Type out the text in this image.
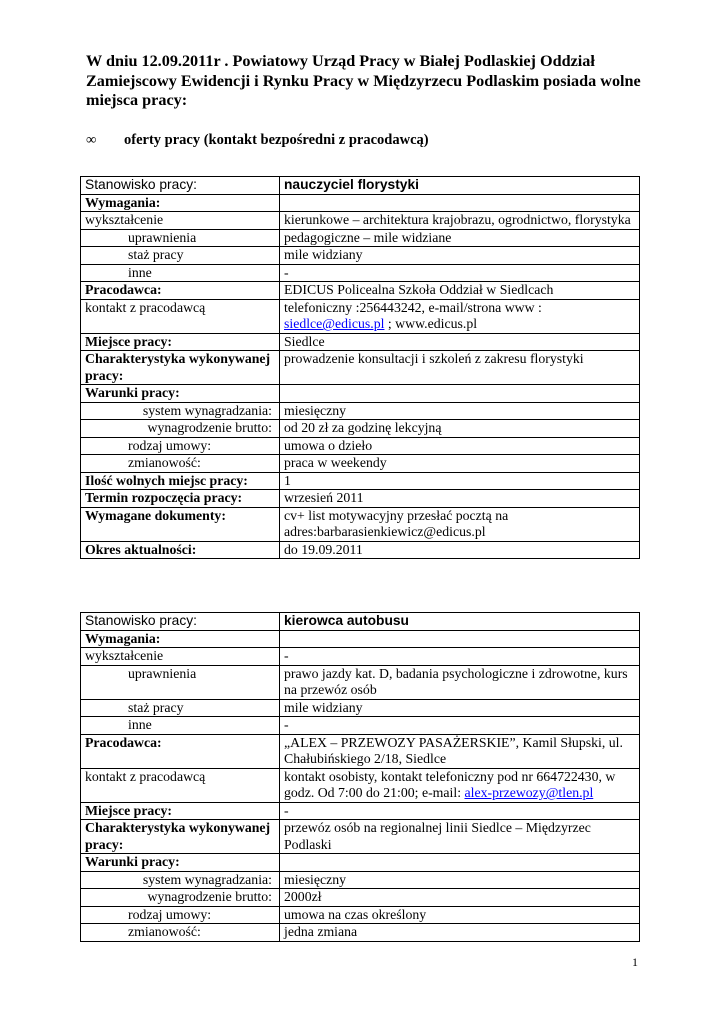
W dniu 12.09.2011r . Powiatowy Urząd Pracy w Białej Podlaskiej Oddział Zamiejscowy Ewidencji i Rynku Pracy w Międzyrzecu Podlaskim posiada wolne miejsca pracy:
∞ oferty pracy (kontakt bezpośredni z pracodawcą)
Stanowisko pracy:	nauczyciel florystyki
Wymagania:	
wykształcenie	kierunkowe – architektura krajobrazu, ogrodnictwo, florystyka
uprawnienia	pedagogiczne – mile widziane
staż pracy	mile widziany
inne	-
Pracodawca:	EDICUS Policealna Szkoła Oddział w Siedlcach
kontakt z pracodawcą	telefoniczny :256443242, e-mail/strona www :
siedlce@edicus.pl ; www.edicus.pl
Miejsce pracy:	Siedlce
Charakterystyka wykonywanej pracy:	prowadzenie konsultacji i szkoleń z zakresu florystyki
Warunki pracy:	
system wynagradzania:	miesięczny
wynagrodzenie brutto:	od 20 zł za godzinę lekcyjną
rodzaj umowy:	umowa o dzieło
zmianowość:	praca w weekendy
Ilość wolnych miejsc pracy:	1
Termin rozpoczęcia pracy:	wrzesień 2011
Wymagane dokumenty:	cv+ list motywacyjny przesłać pocztą na adres:barbarasienkiewicz@edicus.pl
Okres aktualności:	do 19.09.2011
Stanowisko pracy:	kierowca autobusu
Wymagania:	
wykształcenie	-
uprawnienia	prawo jazdy kat. D, badania psychologiczne i zdrowotne, kurs na przewóz osób
staż pracy	mile widziany
inne	-
Pracodawca:	„ALEX – PRZEWOZY PASAŻERSKIE”, Kamil Słupski, ul. Chałubińskiego 2/18, Siedlce
kontakt z pracodawcą	kontakt osobisty, kontakt telefoniczny pod nr 664722430, w godz. Od 7:00 do 21:00; e-mail: alex-przewozy@tlen.pl
Miejsce pracy:	-
Charakterystyka wykonywanej pracy:	przewóz osób na regionalnej linii Siedlce – Międzyrzec Podlaski
Warunki pracy:	
system wynagradzania:	miesięczny
wynagrodzenie brutto:	2000zł
rodzaj umowy:	umowa na czas określony
zmianowość:	jedna zmiana
1
